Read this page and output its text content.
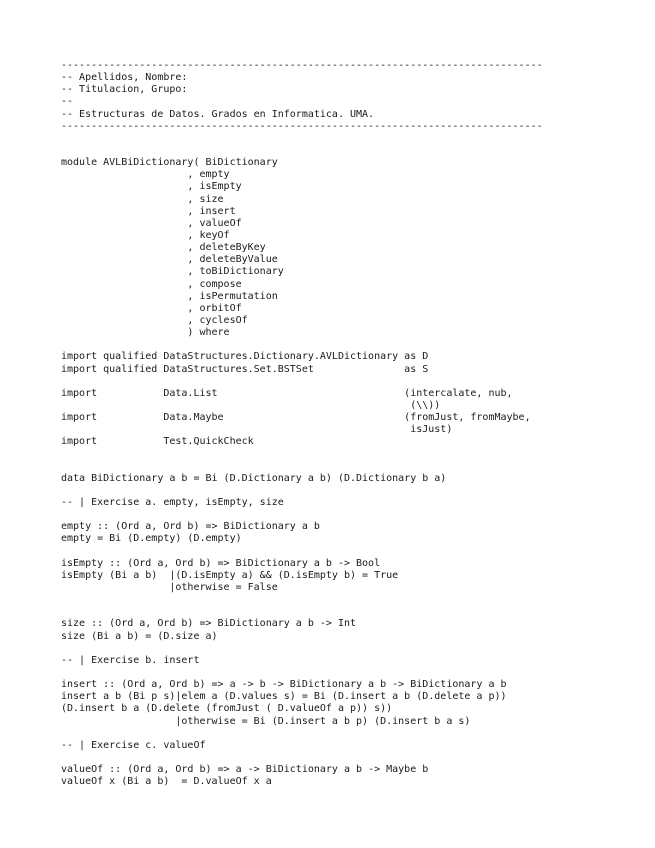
--------------------------------------------------------------------------------
-- Apellidos, Nombre:
-- Titulacion, Grupo:
--
-- Estructuras de Datos. Grados en Informatica. UMA.
--------------------------------------------------------------------------------
module AVLBiDictionary( BiDictionary
, empty
, isEmpty
, size
, insert
, valueOf
, keyOf
, deleteByKey
, deleteByValue
, toBiDictionary
, compose
, isPermutation
, orbitOf
, cyclesOf
) where
import qualified DataStructures.Dictionary.AVLDictionary as D
import qualified DataStructures.Set.BSTSet               as S
import           Data.List                               (intercalate, nub,
(\\))
import           Data.Maybe                              (fromJust, fromMaybe,
isJust)
import           Test.QuickCheck
data BiDictionary a b = Bi (D.Dictionary a b) (D.Dictionary b a)
-- | Exercise a. empty, isEmpty, size
empty :: (Ord a, Ord b) => BiDictionary a b
empty = Bi (D.empty) (D.empty)
isEmpty :: (Ord a, Ord b) => BiDictionary a b -> Bool
isEmpty (Bi a b)  |(D.isEmpty a) && (D.isEmpty b) = True
|otherwise = False
size :: (Ord a, Ord b) => BiDictionary a b -> Int
size (Bi a b) = (D.size a)
-- | Exercise b. insert
insert :: (Ord a, Ord b) => a -> b -> BiDictionary a b -> BiDictionary a b
insert a b (Bi p s)|elem a (D.values s) = Bi (D.insert a b (D.delete a p))
(D.insert b a (D.delete (fromJust ( D.valueOf a p)) s))
|otherwise = Bi (D.insert a b p) (D.insert b a s)
-- | Exercise c. valueOf
valueOf :: (Ord a, Ord b) => a -> BiDictionary a b -> Maybe b
valueOf x (Bi a b)  = D.valueOf x a
